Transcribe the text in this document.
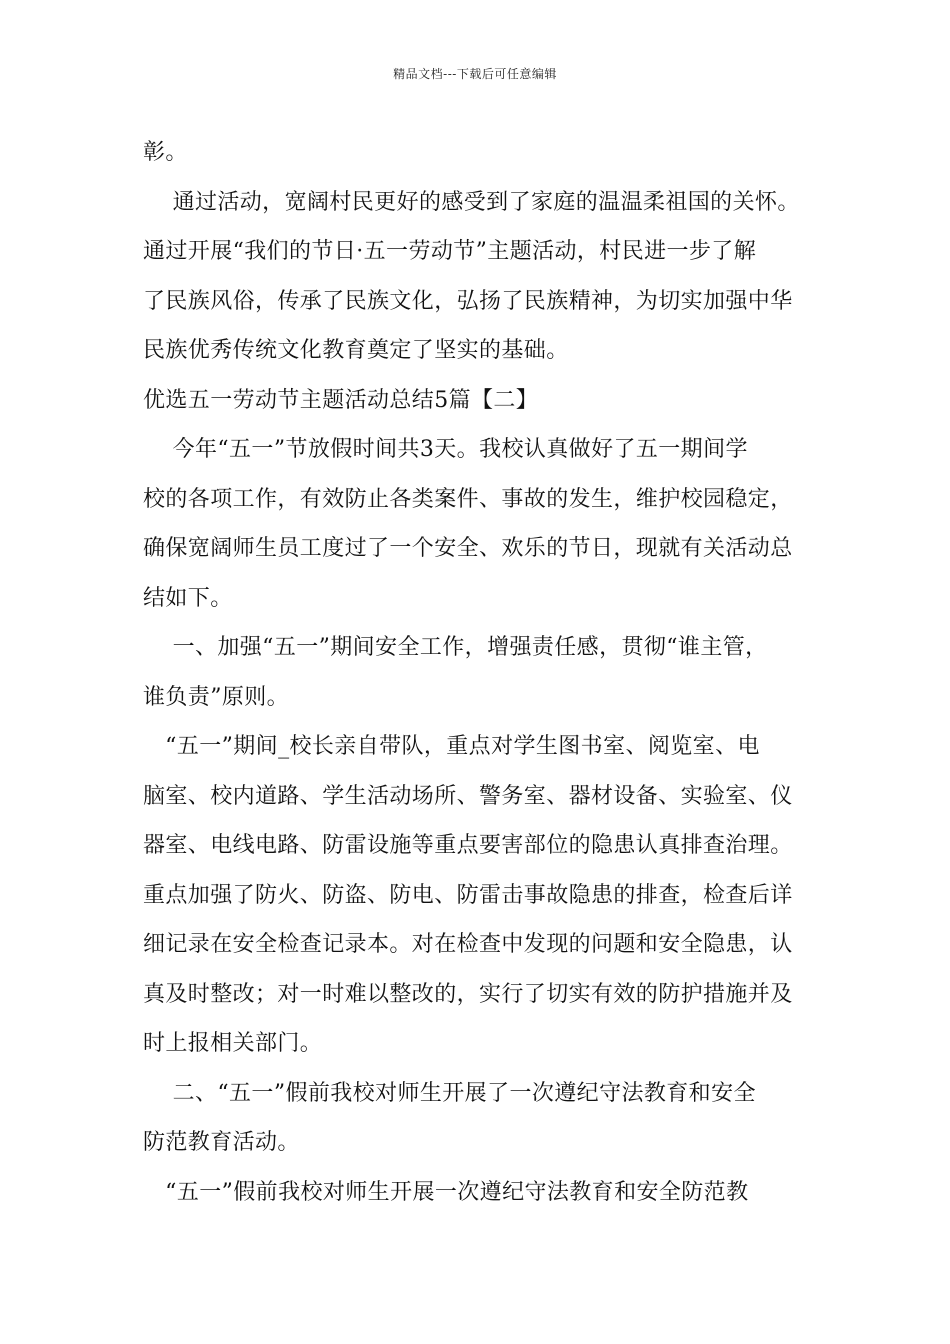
精品文档---下载后可任意编辑
彰。
通过活动，宽阔村民更好的感受到了家庭的温温柔祖国的关怀。
通过开展“我们的节日·五一劳动节”主题活动，村民进一步了解
了民族风俗，传承了民族文化，弘扬了民族精神，为切实加强中华
民族优秀传统文化教育奠定了坚实的基础。
优选五一劳动节主题活动总结5篇【二】
今年“五一”节放假时间共3天。我校认真做好了五一期间学
校的各项工作，有效防止各类案件、事故的发生，维护校园稳定，
确保宽阔师生员工度过了一个安全、欢乐的节日，现就有关活动总
结如下。
一、加强“五一”期间安全工作，增强责任感，贯彻“谁主管，
谁负责”原则。
“五一”期间_校长亲自带队，重点对学生图书室、阅览室、电
脑室、校内道路、学生活动场所、警务室、器材设备、实验室、仪
器室、电线电路、防雷设施等重点要害部位的隐患认真排查治理。
重点加强了防火、防盗、防电、防雷击事故隐患的排查，检查后详
细记录在安全检查记录本。对在检查中发现的问题和安全隐患，认
真及时整改；对一时难以整改的，实行了切实有效的防护措施并及
时上报相关部门。
二、“五一”假前我校对师生开展了一次遵纪守法教育和安全
防范教育活动。
“五一”假前我校对师生开展一次遵纪守法教育和安全防范教
